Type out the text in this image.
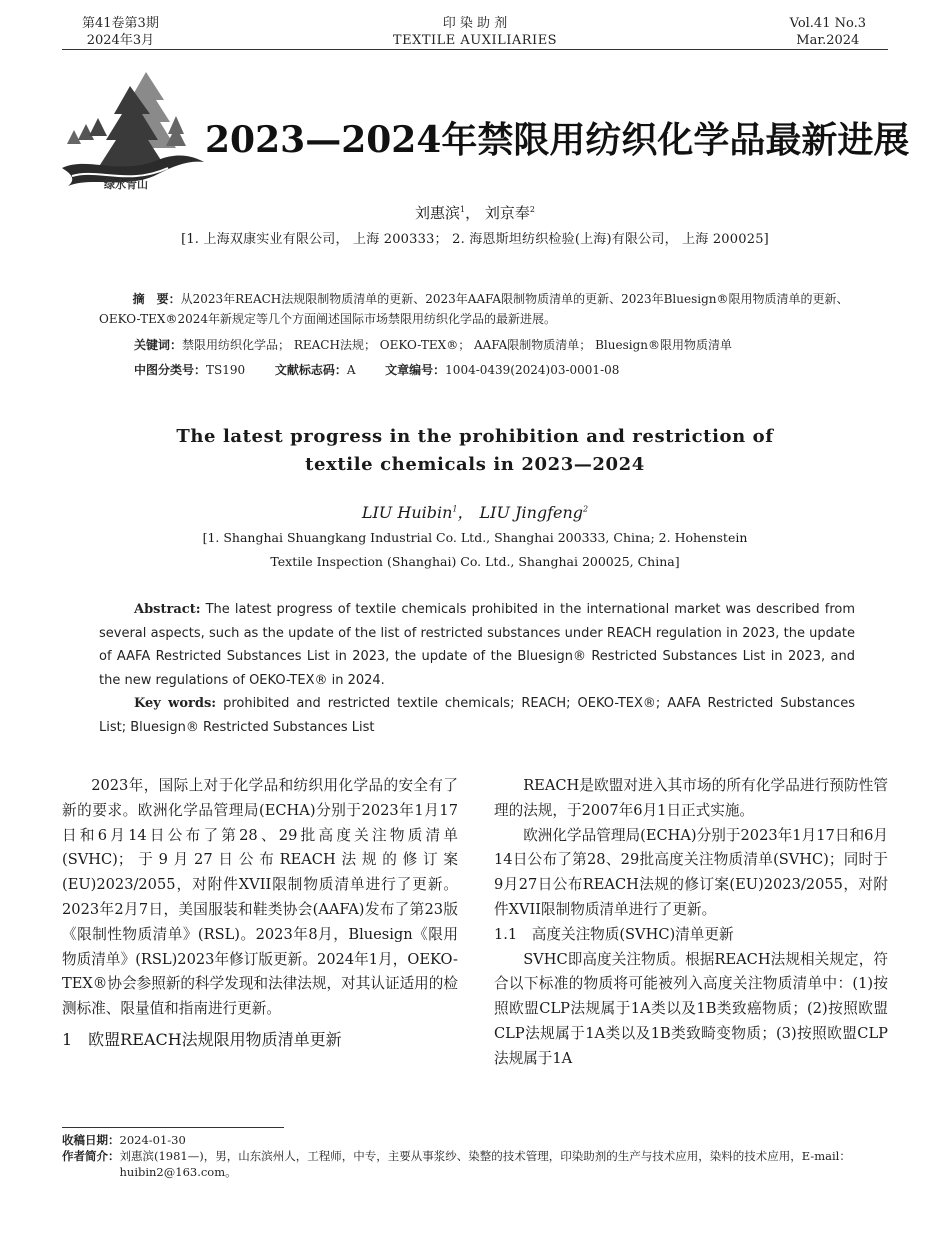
第41卷第3期
2024年3月
印 染 助 剂
TEXTILE AUXILIARIES
Vol.41 No.3
Mar.2024
绿水青山
2023—2024年禁限用纺织化学品最新进展
刘惠滨$^1$， 刘京奉$^2$
[1. 上海双康实业有限公司， 上海 200333； 2. 海恩斯坦纺织检验(上海)有限公司， 上海 200025]
摘　要：从2023年REACH法规限制物质清单的更新、2023年AAFA限制物质清单的更新、2023年Bluesign®限用物质清单的更新、OEKO-TEX®2024年新规定等几个方面阐述国际市场禁限用纺织化学品的最新进展。
关键词：禁限用纺织化学品； REACH法规； OEKO-TEX®； AAFA限制物质清单； Bluesign®限用物质清单
中图分类号：TS190 文献标志码：A 文章编号：1004-0439(2024)03-0001-08
The latest progress in the prohibition and restriction of
textile chemicals in 2023—2024
LIU Huibin$^1$， LIU Jingfeng$^2$
[1. Shanghai Shuangkang Industrial Co. Ltd., Shanghai 200333, China; 2. Hohenstein
Textile Inspection (Shanghai) Co. Ltd., Shanghai 200025, China]
Abstract: The latest progress of textile chemicals prohibited in the international market was described from several aspects, such as the update of the list of restricted substances under REACH regulation in 2023, the update of AAFA Restricted Substances List in 2023, the update of the Bluesign® Restricted Substances List in 2023, and the new regulations of OEKO-TEX® in 2024.
Key words: prohibited and restricted textile chemicals; REACH; OEKO-TEX®; AAFA Restricted Substances List; Bluesign® Restricted Substances List

2023年，国际上对于化学品和纺织用化学品的安全有了新的要求。欧洲化学品管理局(ECHA)分别于2023年1月17日和6月14日公布了第28、29批高度关注物质清单(SVHC)；于9月27日公布REACH法规的修订案(EU)2023/2055，对附件XVII限制物质清单进行了更新。2023年2月7日，美国服装和鞋类协会(AAFA)发布了第23版《限制性物质清单》(RSL)。2023年8月，Bluesign《限用物质清单》(RSL)2023年修订版更新。2024年1月，OEKO-TEX®协会参照新的科学发现和法律法规，对其认证适用的检测标准、限量值和指南进行更新。

1　欧盟REACH法规限用物质清单更新

REACH是欧盟对进入其市场的所有化学品进行预防性管理的法规，于2007年6月1日正式实施。

欧洲化学品管理局(ECHA)分别于2023年1月17日和6月14日公布了第28、29批高度关注物质清单(SVHC)；同时于9月27日公布REACH法规的修订案(EU)2023/2055，对附件XVII限制物质清单进行了更新。

1.1　高度关注物质(SVHC)清单更新

SVHC即高度关注物质。根据REACH法规相关规定，符合以下标准的物质将可能被列入高度关注物质清单中：(1)按照欧盟CLP法规属于1A类以及1B类致癌物质；(2)按照欧盟CLP法规属于1A类以及1B类致畸变物质；(3)按照欧盟CLP法规属于1A

收稿日期：2024-01-30
作者简介： 刘惠滨(1981—)，男，山东滨州人，工程师，中专，主要从事浆纱、染整的技术管理，印染助剂的生产与技术应用，染料的技术应用，E-mail：huibin2@163.com。
